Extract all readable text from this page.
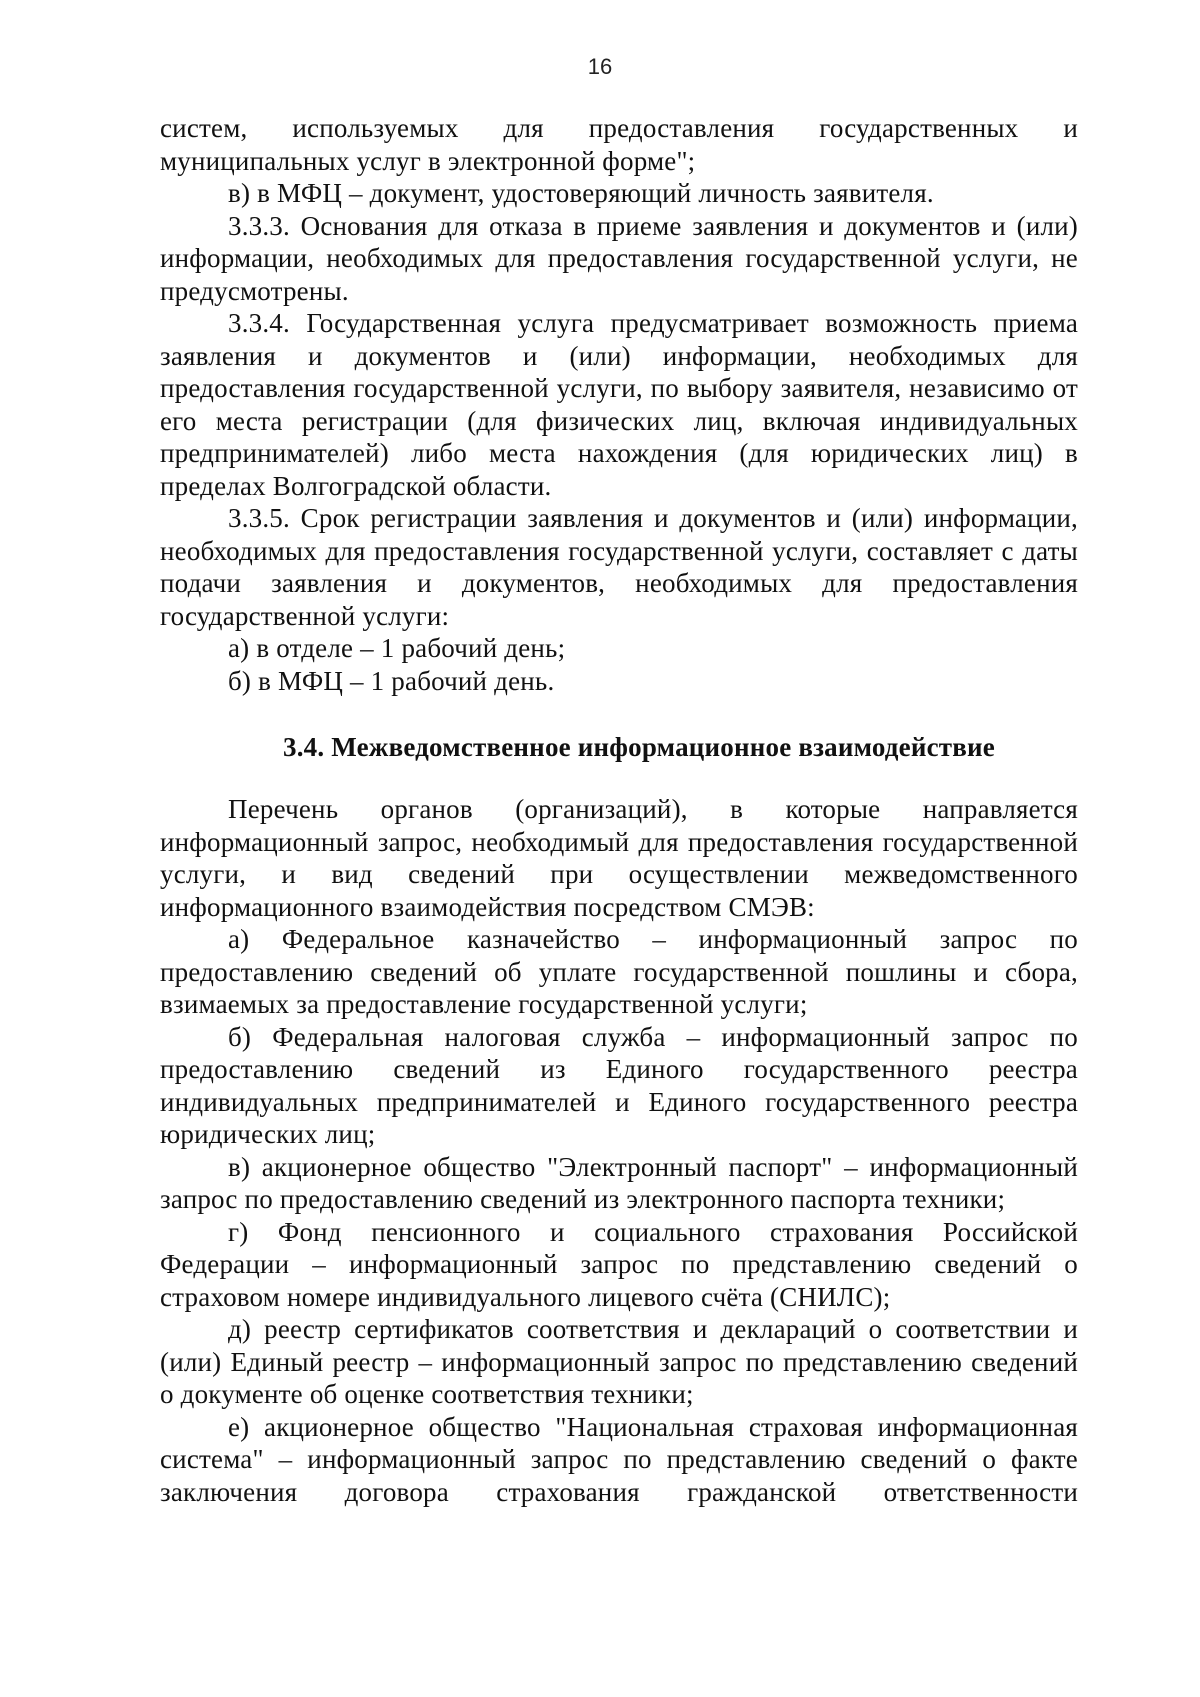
16

систем, используемых для предоставления государственных и муниципальных услуг в электронной форме";

в) в МФЦ – документ, удостоверяющий личность заявителя.

3.3.3. Основания для отказа в приеме заявления и документов и (или) информации, необходимых для предоставления государственной услуги, не предусмотрены.

3.3.4. Государственная услуга предусматривает возможность приема заявления и документов и (или) информации, необходимых для предоставления государственной услуги, по выбору заявителя, независимо от его места регистрации (для физических лиц, включая индивидуальных предпринимателей) либо места нахождения (для юридических лиц) в пределах Волгоградской области.

3.3.5. Срок регистрации заявления и документов и (или) информации, необходимых для предоставления государственной услуги, составляет с даты подачи заявления и документов, необходимых для предоставления государственной услуги:

а) в отделе – 1 рабочий день;

б) в МФЦ – 1 рабочий день.

3.4. Межведомственное информационное взаимодействие

Перечень органов (организаций), в которые направляется информационный запрос, необходимый для предоставления государственной услуги, и вид сведений при осуществлении межведомственного информационного взаимодействия посредством СМЭВ:

а) Федеральное казначейство – информационный запрос по предоставлению сведений об уплате государственной пошлины и сбора, взимаемых за предоставление государственной услуги;

б) Федеральная налоговая служба – информационный запрос по предоставлению сведений из Единого государственного реестра индивидуальных предпринимателей и Единого государственного реестра юридических лиц;

в) акционерное общество "Электронный паспорт" – информационный запрос по предоставлению сведений из электронного паспорта техники;

г) Фонд пенсионного и социального страхования Российской Федерации – информационный запрос по представлению сведений о страховом номере индивидуального лицевого счёта (СНИЛС);

д) реестр сертификатов соответствия и деклараций о соответствии и (или) Единый реестр – информационный запрос по представлению сведений о документе об оценке соответствия техники;

е) акционерное общество "Национальная страховая информационная система" – информационный запрос по представлению сведений о факте заключения договора страхования гражданской ответственности
